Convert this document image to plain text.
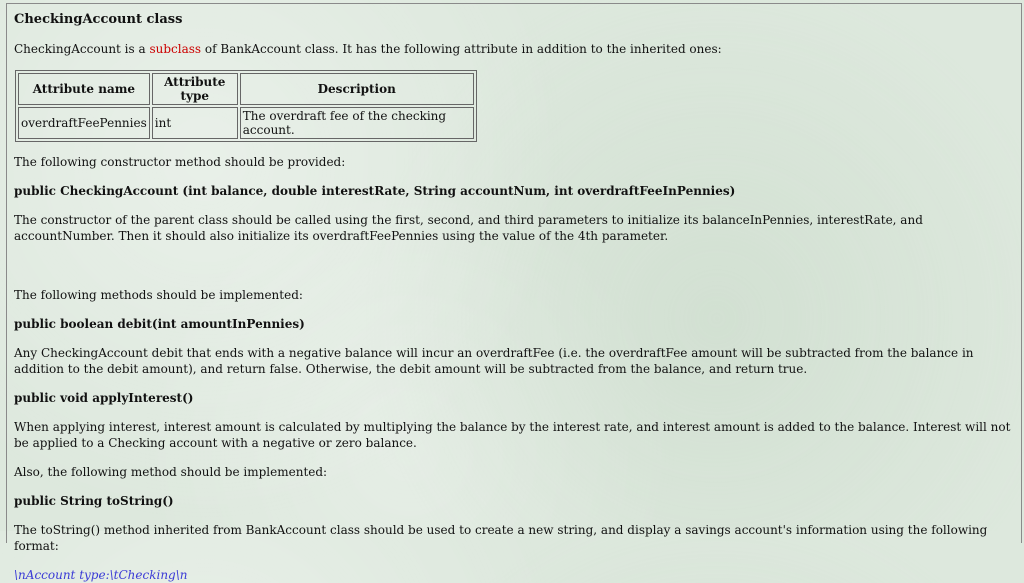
CheckingAccount class

CheckingAccount is a subclass of BankAccount class. It has the following attribute in addition to the inherited ones:

Attribute name	Attribute type	Description
overdraftFeePennies	int	The overdraft fee of the checking account.

The following constructor method should be provided:

public CheckingAccount (int balance, double interestRate, String accountNum, int overdraftFeeInPennies)

The constructor of the parent class should be called using the first, second, and third parameters to initialize its balanceInPennies, interestRate, and accountNumber. Then it should also initialize its overdraftFeePennies using the value of the 4th parameter.

The following methods should be implemented:

public boolean debit(int amountInPennies)

Any CheckingAccount debit that ends with a negative balance will incur an overdraftFee (i.e. the overdraftFee amount will be subtracted from the balance in addition to the debit amount), and return false. Otherwise, the debit amount will be subtracted from the balance, and return true.

public void applyInterest()

When applying interest, interest amount is calculated by multiplying the balance by the interest rate, and interest amount is added to the balance. Interest will not be applied to a Checking account with a negative or zero balance.

Also, the following method should be implemented:

public String toString()

The toString() method inherited from BankAccount class should be used to create a new string, and display a savings account's information using the following format:

\nAccount type:\tChecking\n
